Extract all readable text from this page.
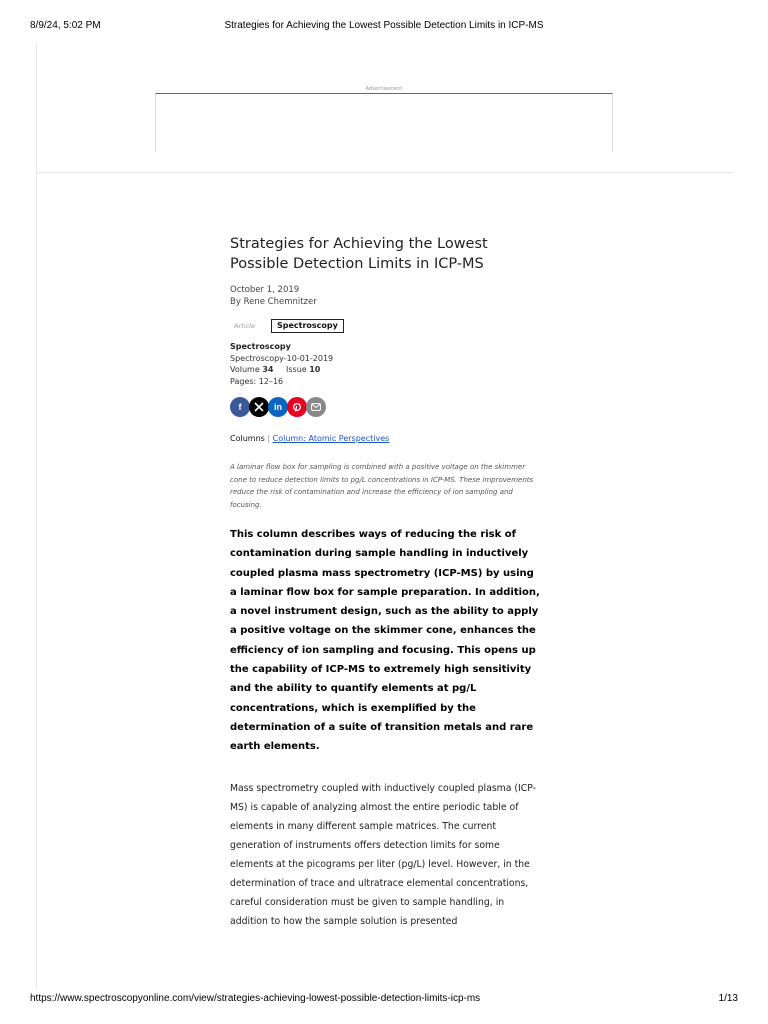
8/9/24, 5:02 PM	Strategies for Achieving the Lowest Possible Detection Limits in ICP-MS
Advertisement
Strategies for Achieving the Lowest Possible Detection Limits in ICP-MS
October 1, 2019
By Rene Chemnitzer
Article	Spectroscopy
Spectroscopy
Spectroscopy-10-01-2019
Volume 34 Issue 10
Pages: 12–16
f	in
Columns | Column: Atomic Perspectives
A laminar flow box for sampling is combined with a positive voltage on the skimmer cone to reduce detection limits to pg/L concentrations in ICP-MS. These improvements reduce the risk of contamination and increase the efficiency of ion sampling and focusing.
This column describes ways of reducing the risk of contamination during sample handling in inductively coupled plasma mass spectrometry (ICP-MS) by using a laminar flow box for sample preparation. In addition, a novel instrument design, such as the ability to apply a positive voltage on the skimmer cone, enhances the efficiency of ion sampling and focusing. This opens up the capability of ICP-MS to extremely high sensitivity and the ability to quantify elements at pg/L concentrations, which is exemplified by the determination of a suite of transition metals and rare earth elements.
Mass spectrometry coupled with inductively coupled plasma (ICP-MS) is capable of analyzing almost the entire periodic table of elements in many different sample matrices. The current generation of instruments offers detection limits for some elements at the picograms per liter (pg/L) level. However, in the determination of trace and ultratrace elemental concentrations, careful consideration must be given to sample handling, in addition to how the sample solution is presented
https://www.spectroscopyonline.com/view/strategies-achieving-lowest-possible-detection-limits-icp-ms	1/13
